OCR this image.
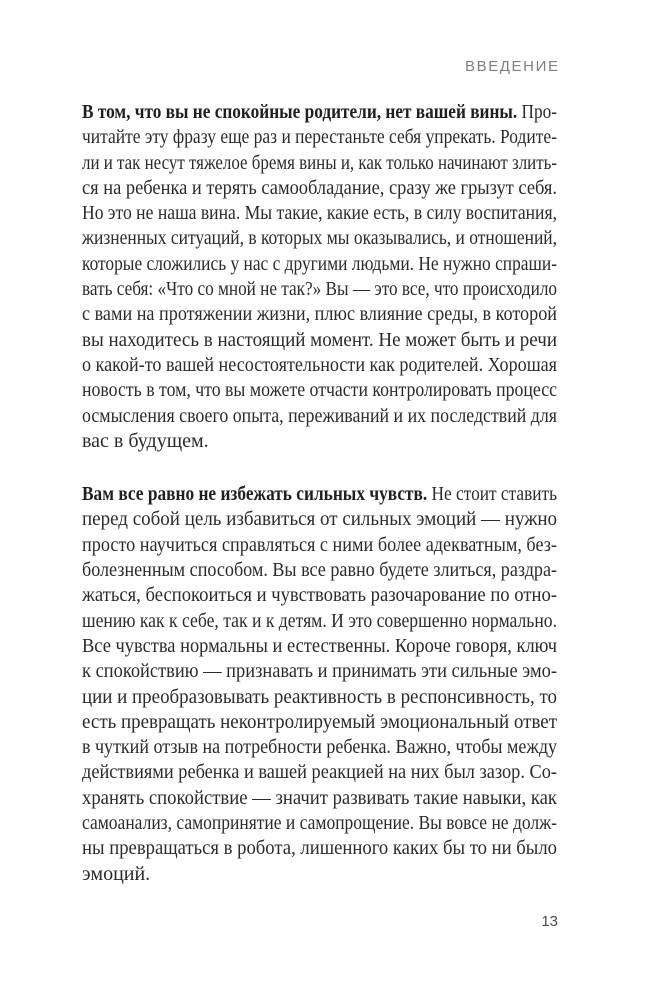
ВВЕДЕНИЕ
В том, что вы не спокойные родители, нет вашей вины. Про-
читайте эту фразу еще раз и перестаньте себя упрекать. Родите-
ли и так несут тяжелое бремя вины и, как только начинают злить-
ся на ребенка и терять самообладание, сразу же грызут себя.
Но это не наша вина. Мы такие, какие есть, в силу воспитания,
жизненных ситуаций, в которых мы оказывались, и отношений,
которые сложились у нас с другими людьми. Не нужно спраши-
вать себя: «Что со мной не так?» Вы — это все, что происходило
с вами на протяжении жизни, плюс влияние среды, в которой
вы находитесь в настоящий момент. Не может быть и речи
о какой-то вашей несостоятельности как родителей. Хорошая
новость в том, что вы можете отчасти контролировать процесс
осмысления своего опыта, переживаний и их последствий для
вас в будущем.
Вам все равно не избежать сильных чувств. Не стоит ставить
перед собой цель избавиться от сильных эмоций — нужно
просто научиться справляться с ними более адекватным, без-
болезненным способом. Вы все равно будете злиться, раздра-
жаться, беспокоиться и чувствовать разочарование по отно-
шению как к себе, так и к детям. И это совершенно нормально.
Все чувства нормальны и естественны. Короче говоря, ключ
к спокойствию — признавать и принимать эти сильные эмо-
ции и преобразовывать реактивность в респонсивность, то
есть превращать неконтролируемый эмоциональный ответ
в чуткий отзыв на потребности ребенка. Важно, чтобы между
действиями ребенка и вашей реакцией на них был зазор. Со-
хранять спокойствие — значит развивать такие навыки, как
самоанализ, самопринятие и самопрощение. Вы вовсе не долж-
ны превращаться в робота, лишенного каких бы то ни было
эмоций.
13
